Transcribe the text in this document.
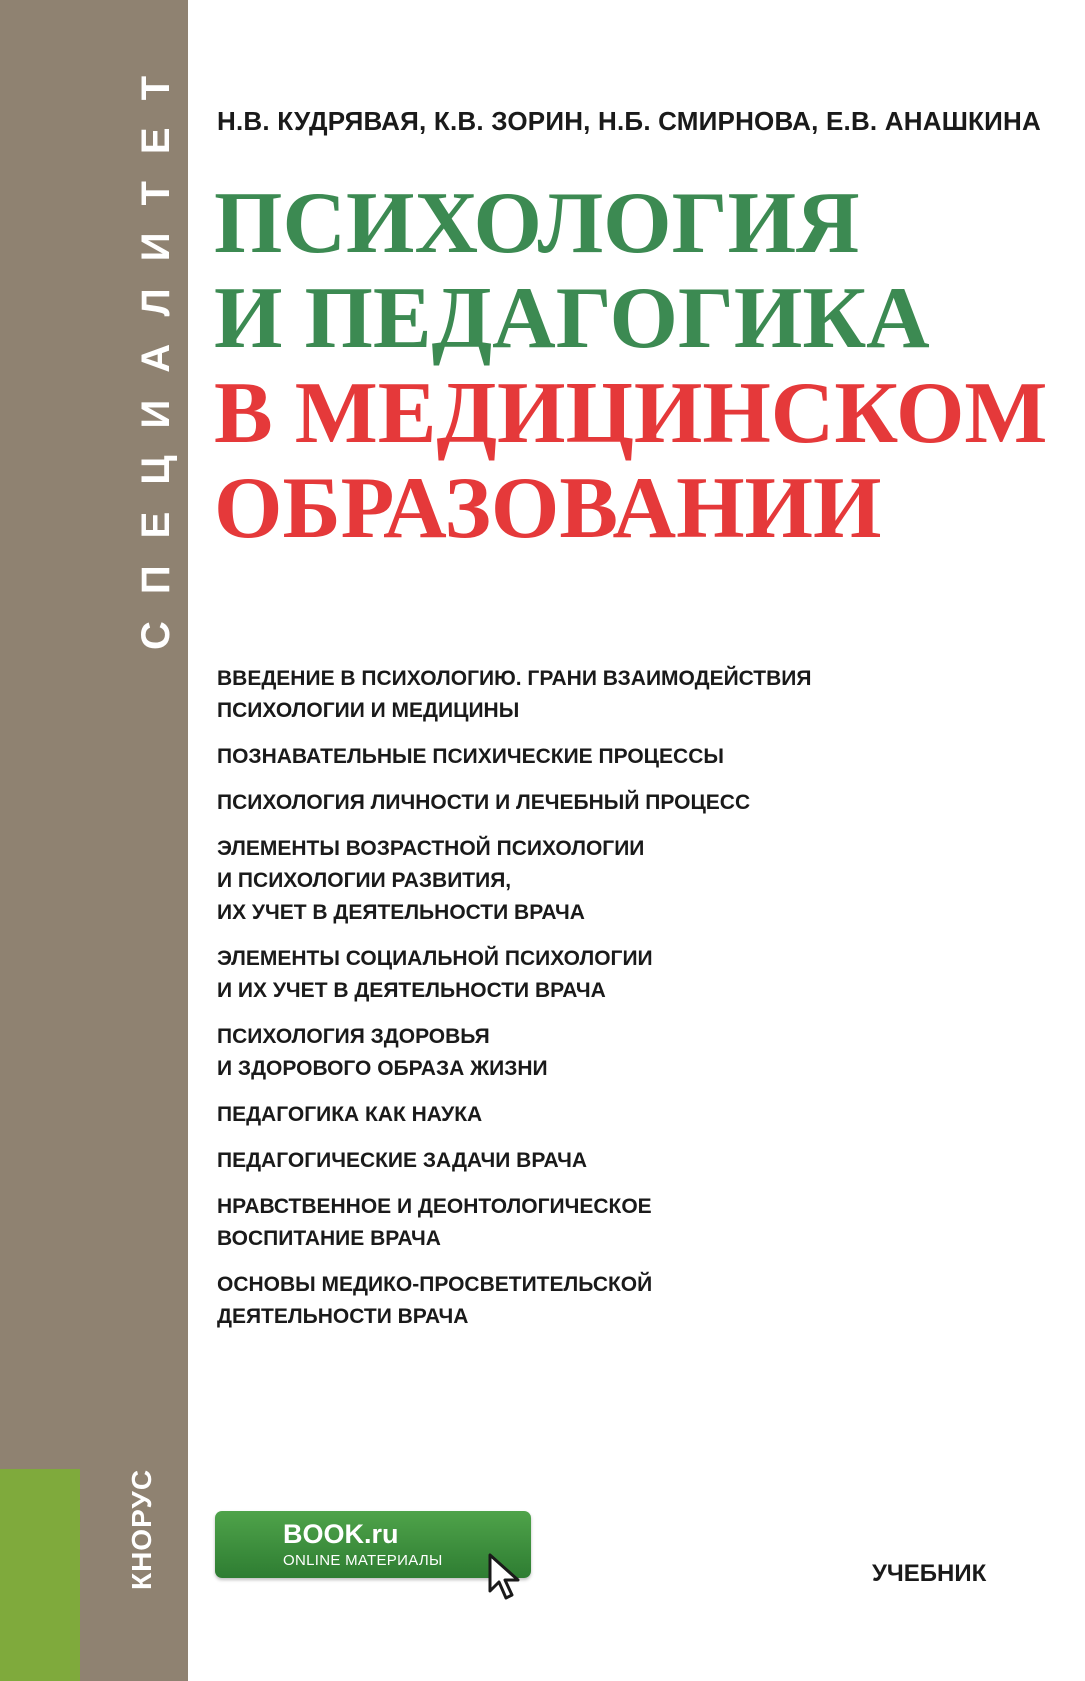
СПЕЦИАЛИТЕТ
КНОРУС
Н.В. КУДРЯВАЯ, К.В. ЗОРИН, Н.Б. СМИРНОВА, Е.В. АНАШКИНА
ПСИХОЛОГИЯ
И ПЕДАГОГИКА
В МЕДИЦИНСКОМ
ОБРАЗОВАНИИ
ВВЕДЕНИЕ В ПСИХОЛОГИЮ. ГРАНИ ВЗАИМОДЕЙСТВИЯ
ПСИХОЛОГИИ И МЕДИЦИНЫ
ПОЗНАВАТЕЛЬНЫЕ ПСИХИЧЕСКИЕ ПРОЦЕССЫ
ПСИХОЛОГИЯ ЛИЧНОСТИ И ЛЕЧЕБНЫЙ ПРОЦЕСС
ЭЛЕМЕНТЫ ВОЗРАСТНОЙ ПСИХОЛОГИИ
И ПСИХОЛОГИИ РАЗВИТИЯ,
ИХ УЧЕТ В ДЕЯТЕЛЬНОСТИ ВРАЧА
ЭЛЕМЕНТЫ СОЦИАЛЬНОЙ ПСИХОЛОГИИ
И ИХ УЧЕТ В ДЕЯТЕЛЬНОСТИ ВРАЧА
ПСИХОЛОГИЯ ЗДОРОВЬЯ
И ЗДОРОВОГО ОБРАЗА ЖИЗНИ
ПЕДАГОГИКА КАК НАУКА
ПЕДАГОГИЧЕСКИЕ ЗАДАЧИ ВРАЧА
НРАВСТВЕННОЕ И ДЕОНТОЛОГИЧЕСКОЕ
ВОСПИТАНИЕ ВРАЧА
ОСНОВЫ МЕДИКО-ПРОСВЕТИТЕЛЬСКОЙ
ДЕЯТЕЛЬНОСТИ ВРАЧА
BOOK.ru
ONLINE МАТЕРИАЛЫ	УЧЕБНИК
